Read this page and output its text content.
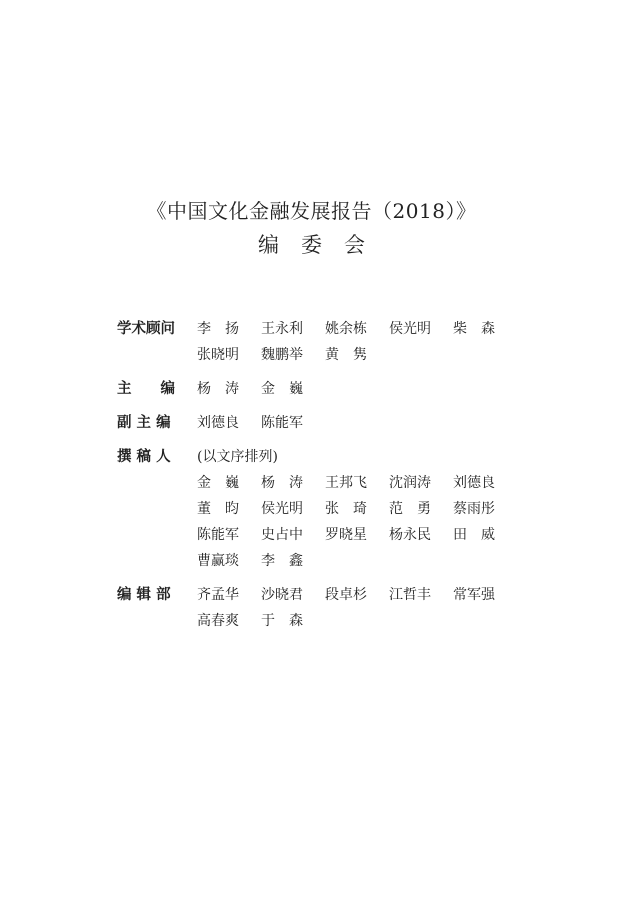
《中国文化金融发展报告（2018）》
编委会
学术顾问	李　扬	王永利	姚余栋	侯光明	柴　森
张晓明	魏鹏举	黄　隽
主　　编	杨　涛	金　巍
副 主 编	刘德良	陈能军
撰 稿 人	(以文序排列)
金　巍	杨　涛	王邦飞	沈润涛	刘德良
董　昀	侯光明	张　琦	范　勇	蔡雨彤
陈能军	史占中	罗晓星	杨永民	田　威
曹赢琰	李　鑫
编 辑 部	齐孟华	沙晓君	段卓杉	江哲丰	常军强
高春爽	于　森
